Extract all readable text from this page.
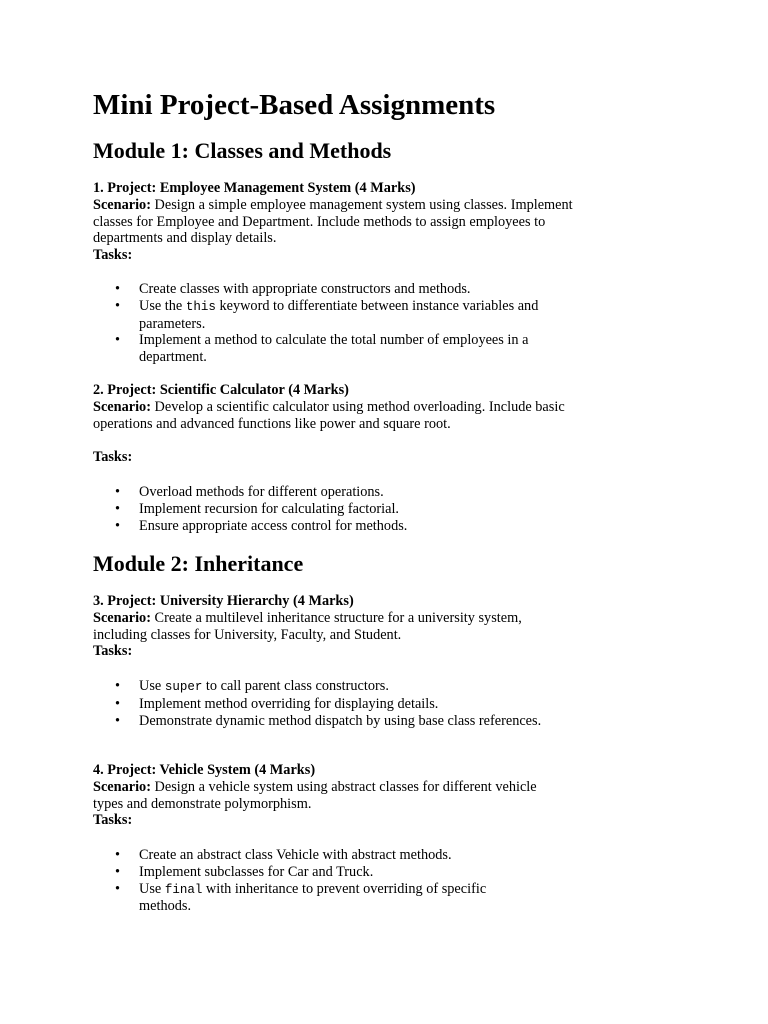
Mini Project-Based Assignments
Module 1: Classes and Methods
1. Project: Employee Management System (4 Marks)
Scenario: Design a simple employee management system using classes. Implement classes for Employee and Department. Include methods to assign employees to departments and display details.
Tasks:
• Create classes with appropriate constructors and methods.
• Use the this keyword to differentiate between instance variables and parameters.
• Implement a method to calculate the total number of employees in a department.
2. Project: Scientific Calculator (4 Marks)
Scenario: Develop a scientific calculator using method overloading. Include basic operations and advanced functions like power and square root.
Tasks:
• Overload methods for different operations.
• Implement recursion for calculating factorial.
• Ensure appropriate access control for methods.
Module 2: Inheritance
3. Project: University Hierarchy (4 Marks)
Scenario: Create a multilevel inheritance structure for a university system, including classes for University, Faculty, and Student.
Tasks:
• Use super to call parent class constructors.
• Implement method overriding for displaying details.
• Demonstrate dynamic method dispatch by using base class references.
4. Project: Vehicle System (4 Marks)
Scenario: Design a vehicle system using abstract classes for different vehicle types and demonstrate polymorphism.
Tasks:
• Create an abstract class Vehicle with abstract methods.
• Implement subclasses for Car and Truck.
• Use final with inheritance to prevent overriding of specific methods.
